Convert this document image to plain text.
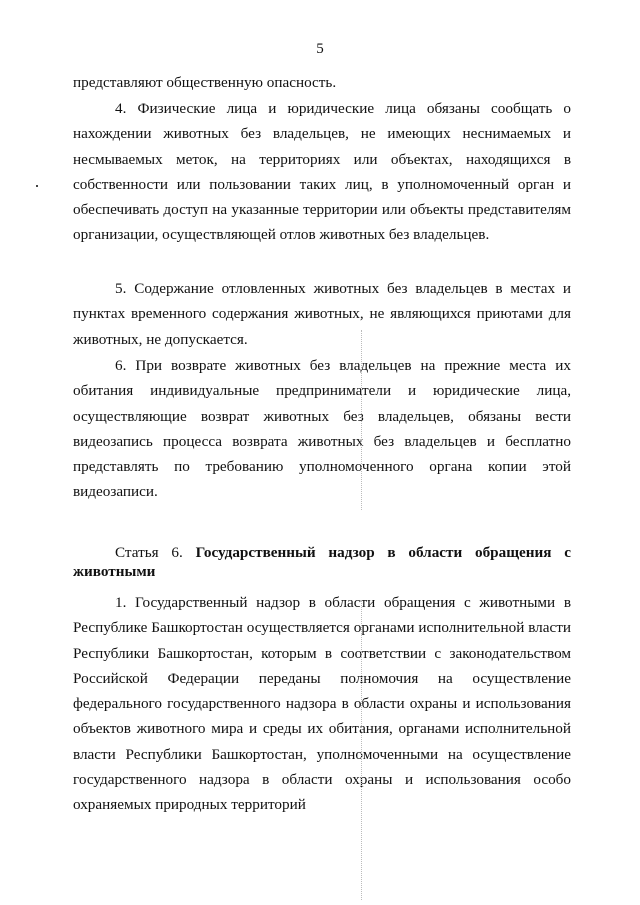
5
представляют общественную опасность.
4. Физические лица и юридические лица обязаны сообщать о нахождении животных без владельцев, не имеющих неснимаемых и несмываемых меток, на территориях или объектах, находящихся в собственности или пользовании таких лиц, в уполномоченный орган и обеспечивать доступ на указанные территории или объекты представителям организации, осуществляющей отлов животных без владельцев.
5. Содержание отловленных животных без владельцев в местах и пунктах временного содержания животных, не являющихся приютами для животных, не допускается.
6. При возврате животных без владельцев на прежние места их обитания индивидуальные предприниматели и юридические лица, осуществляющие возврат животных без владельцев, обязаны вести видеозапись процесса возврата животных без владельцев и бесплатно представлять по требованию уполномоченного органа копии этой видеозаписи.
Статья 6. Государственный надзор в области обращения с животными
1. Государственный надзор в области обращения с животными в Республике Башкортостан осуществляется органами исполнительной власти Республики Башкортостан, которым в соответствии с законодательством Российской Федерации переданы полномочия на осуществление федерального государственного надзора в области охраны и использования объектов животного мира и среды их обитания, органами исполнительной власти Республики Башкортостан, уполномоченными на осуществление государственного надзора в области охраны и использования особо охраняемых природных территорий
